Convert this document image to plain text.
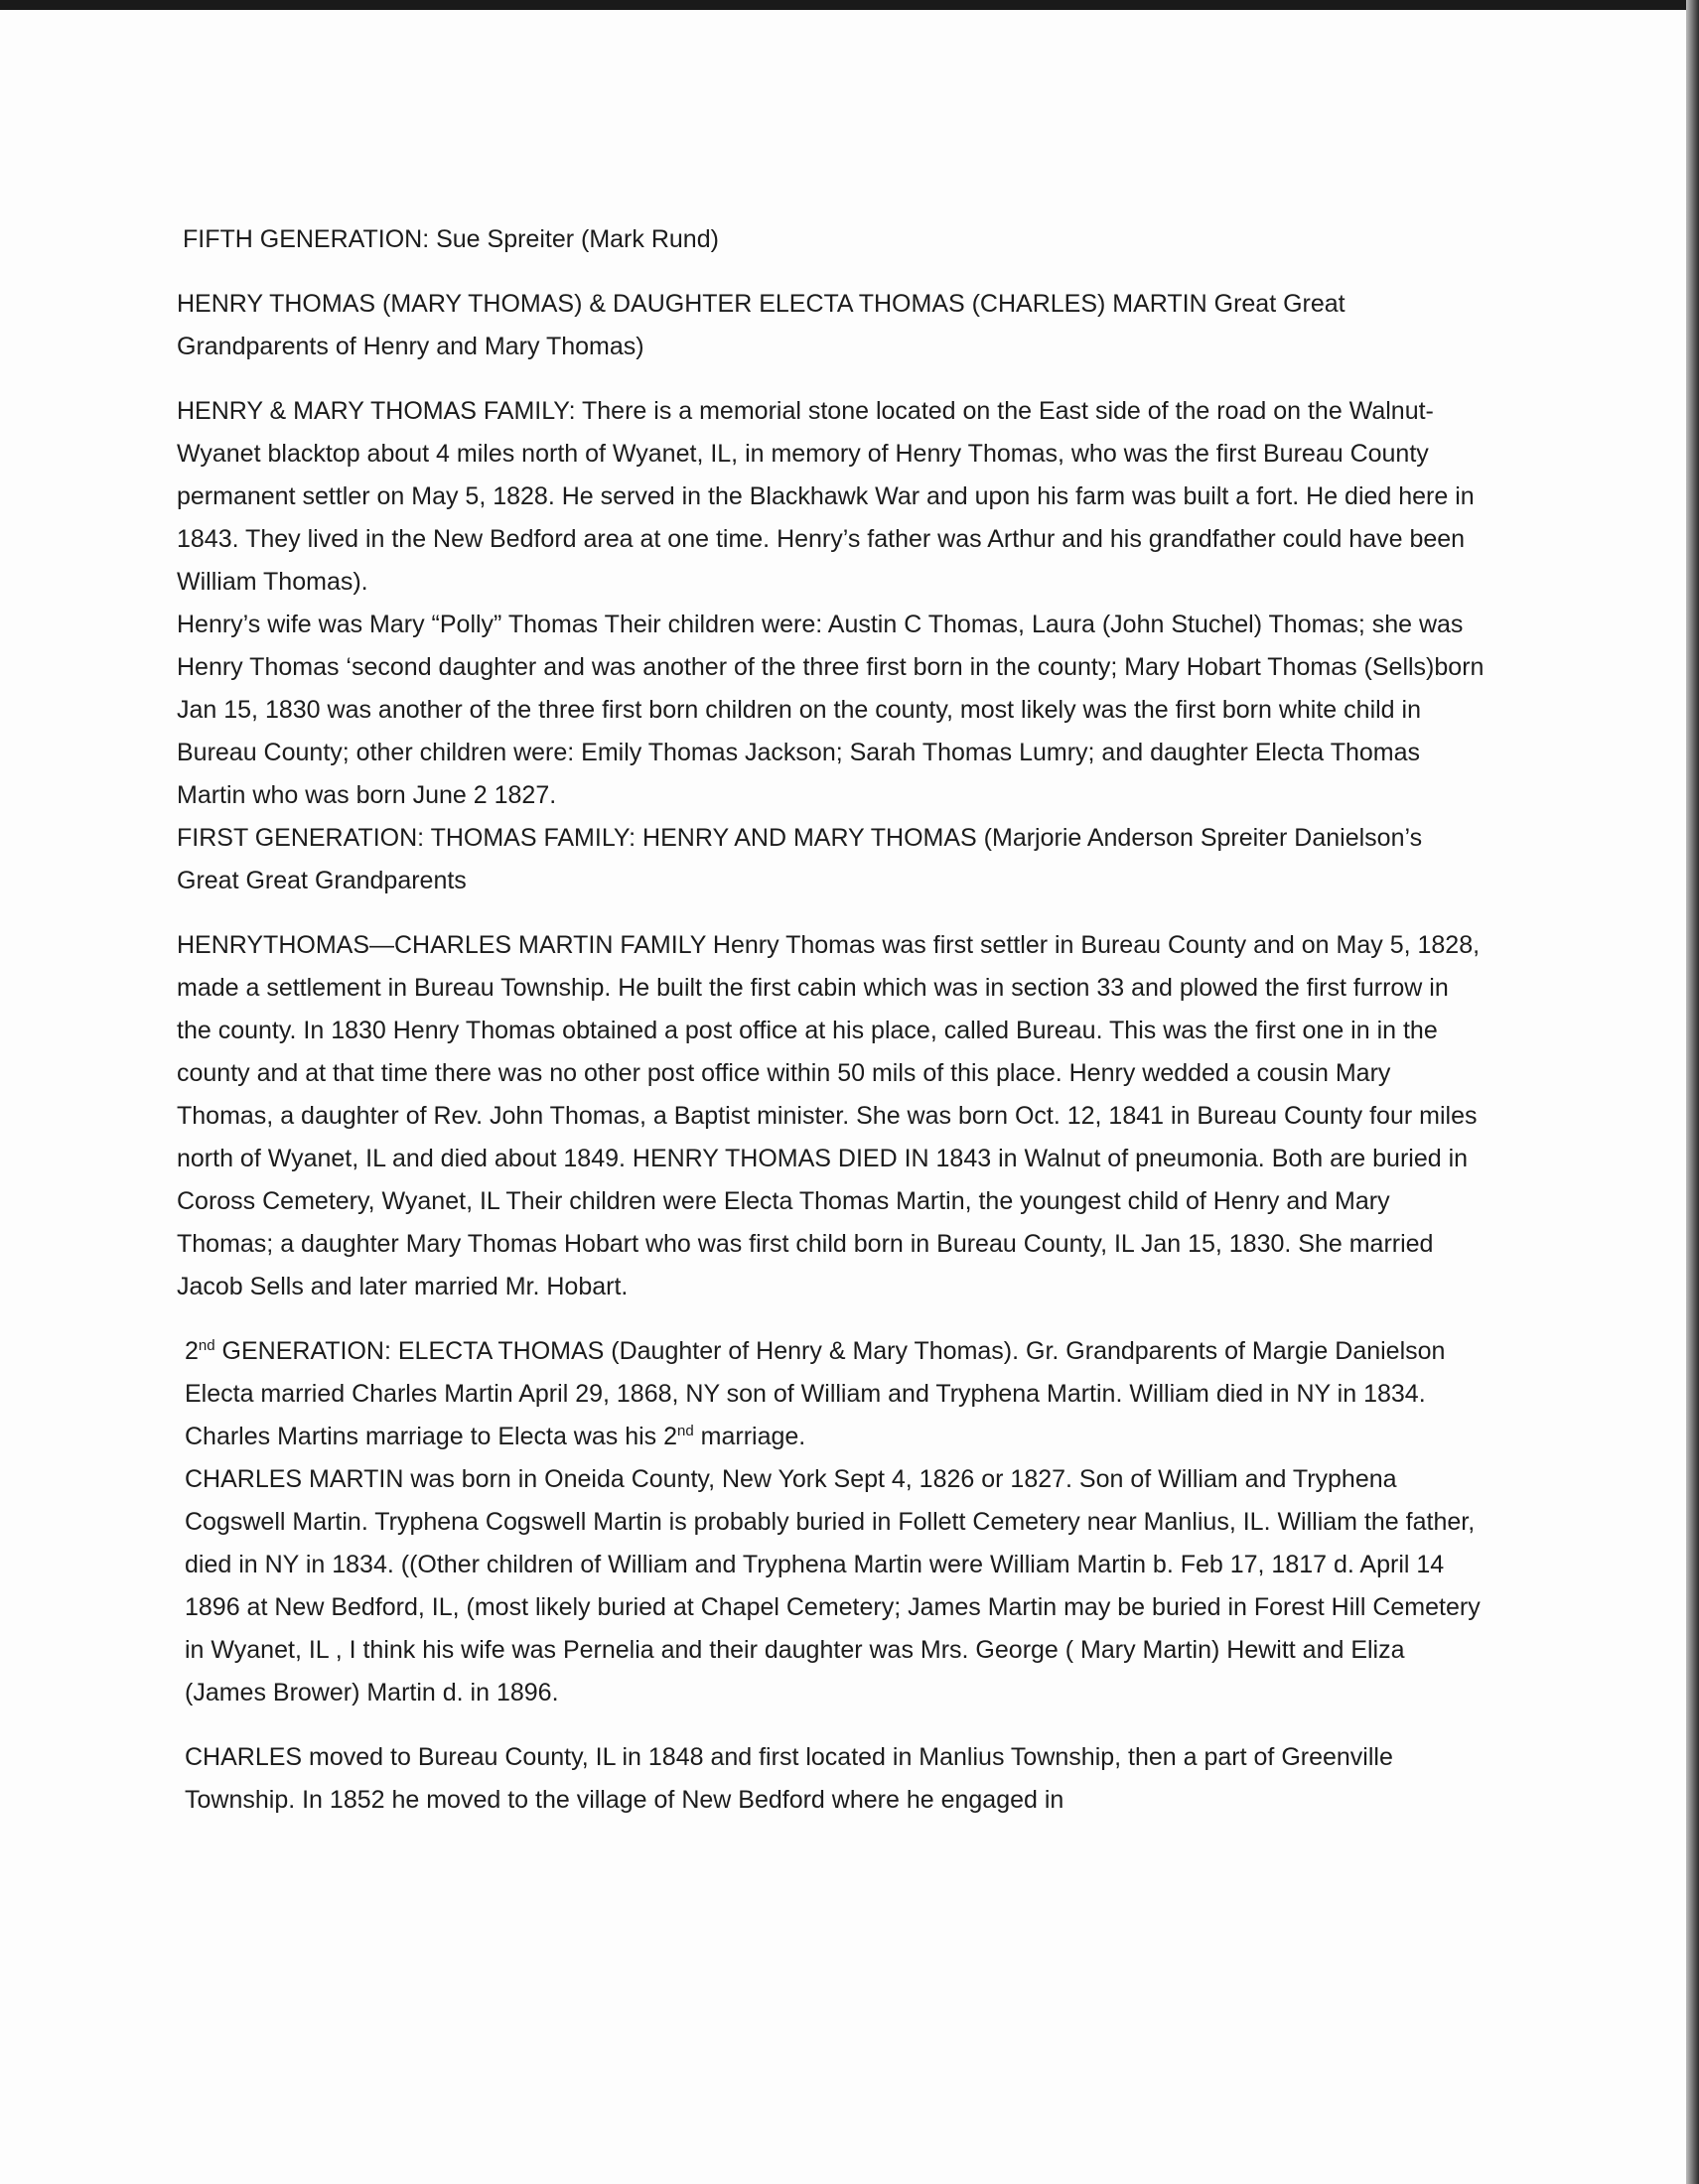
FIFTH GENERATION: Sue Spreiter (Mark Rund)

HENRY THOMAS (MARY THOMAS) & DAUGHTER ELECTA THOMAS (CHARLES) MARTIN Great Great Grandparents of Henry and Mary Thomas)

HENRY & MARY THOMAS FAMILY: There is a memorial stone located on the East side of the road on the Walnut-Wyanet blacktop about 4 miles north of Wyanet, IL, in memory of Henry Thomas, who was the first Bureau County permanent settler on May 5, 1828. He served in the Blackhawk War and upon his farm was built a fort. He died here in 1843. They lived in the New Bedford area at one time. Henry’s father was Arthur and his grandfather could have been William Thomas).

Henry’s wife was Mary “Polly” Thomas Their children were: Austin C Thomas, Laura (John Stuchel) Thomas; she was Henry Thomas ‘second daughter and was another of the three first born in the county; Mary Hobart Thomas (Sells)born Jan 15, 1830 was another of the three first born children on the county, most likely was the first born white child in Bureau County; other children were: Emily Thomas Jackson; Sarah Thomas Lumry; and daughter Electa Thomas Martin who was born June 2 1827.

FIRST GENERATION: THOMAS FAMILY: HENRY AND MARY THOMAS (Marjorie Anderson Spreiter Danielson’s Great Great Grandparents

HENRYTHOMAS—CHARLES MARTIN FAMILY Henry Thomas was first settler in Bureau County and on May 5, 1828, made a settlement in Bureau Township. He built the first cabin which was in section 33 and plowed the first furrow in the county. In 1830 Henry Thomas obtained a post office at his place, called Bureau. This was the first one in in the county and at that time there was no other post office within 50 mils of this place. Henry wedded a cousin Mary Thomas, a daughter of Rev. John Thomas, a Baptist minister. She was born Oct. 12, 1841 in Bureau County four miles north of Wyanet, IL and died about 1849. HENRY THOMAS DIED IN 1843 in Walnut of pneumonia. Both are buried in Coross Cemetery, Wyanet, IL Their children were Electa Thomas Martin, the youngest child of Henry and Mary Thomas; a daughter Mary Thomas Hobart who was first child born in Bureau County, IL Jan 15, 1830. She married Jacob Sells and later married Mr. Hobart.

2nd GENERATION: ELECTA THOMAS (Daughter of Henry & Mary Thomas). Gr. Grandparents of Margie Danielson

Electa married Charles Martin April 29, 1868, NY son of William and Tryphena Martin. William died in NY in 1834. Charles Martins marriage to Electa was his 2nd marriage.

CHARLES MARTIN was born in Oneida County, New York Sept 4, 1826 or 1827. Son of William and Tryphena Cogswell Martin. Tryphena Cogswell Martin is probably buried in Follett Cemetery near Manlius, IL. William the father, died in NY in 1834. ((Other children of William and Tryphena Martin were William Martin b. Feb 17, 1817 d. April 14 1896 at New Bedford, IL, (most likely buried at Chapel Cemetery; James Martin may be buried in Forest Hill Cemetery in Wyanet, IL , I think his wife was Pernelia and their daughter was Mrs. George ( Mary Martin) Hewitt and Eliza (James Brower) Martin d. in 1896.

CHARLES moved to Bureau County, IL in 1848 and first located in Manlius Township, then a part of Greenville Township. In 1852 he moved to the village of New Bedford where he engaged in
